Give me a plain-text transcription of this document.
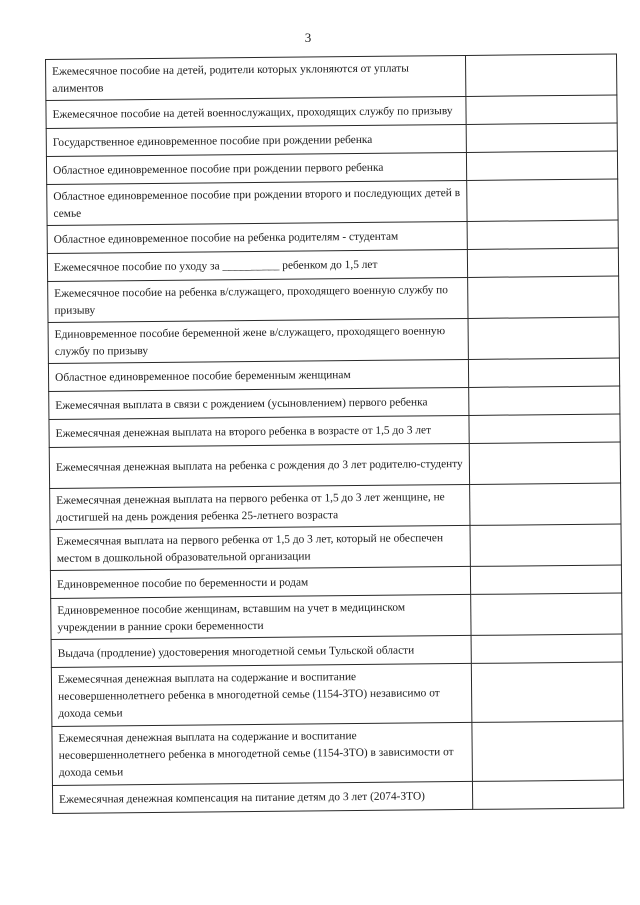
3
Ежемесячное пособие на детей, родители которых уклоняются от уплаты алиментов	
Ежемесячное пособие на детей военнослужащих, проходящих службу по призыву	
Государственное единовременное пособие при рождении ребенка	
Областное единовременное пособие при рождении первого ребенка	
Областное единовременное пособие при рождении второго и последующих детей в семье	
Областное единовременное пособие на ребенка родителям - студентам	
Ежемесячное пособие по уходу за __________ ребенком до 1,5 лет	
Ежемесячное пособие на ребенка в/служащего, проходящего военную службу по призыву	
Единовременное пособие беременной жене в/служащего, проходящего военную службу по призыву	
Областное единовременное пособие беременным женщинам	
Ежемесячная выплата в связи с рождением (усыновлением) первого ребенка	
Ежемесячная денежная выплата на второго ребенка в возрасте от 1,5 до 3 лет	
Ежемесячная денежная выплата на ребенка с рождения до 3 лет родителю-студенту	
Ежемесячная денежная выплата на первого ребенка от 1,5 до 3 лет женщине, не достигшей на день рождения ребенка 25-летнего возраста	
Ежемесячная выплата на первого ребенка от 1,5 до 3 лет, который не обеспечен местом в дошкольной образовательной организации	
Единовременное пособие по беременности и родам	
Единовременное пособие женщинам, вставшим на учет в медицинском учреждении в ранние сроки беременности	
Выдача (продление) удостоверения многодетной семьи Тульской области	
Ежемесячная денежная выплата на содержание и воспитание несовершеннолетнего ребенка в многодетной семье (1154-ЗТО) независимо от дохода семьи	
Ежемесячная денежная выплата на содержание и воспитание несовершеннолетнего ребенка в многодетной семье (1154-ЗТО) в зависимости от дохода семьи	
Ежемесячная денежная компенсация на питание детям до 3 лет (2074-ЗТО)	
